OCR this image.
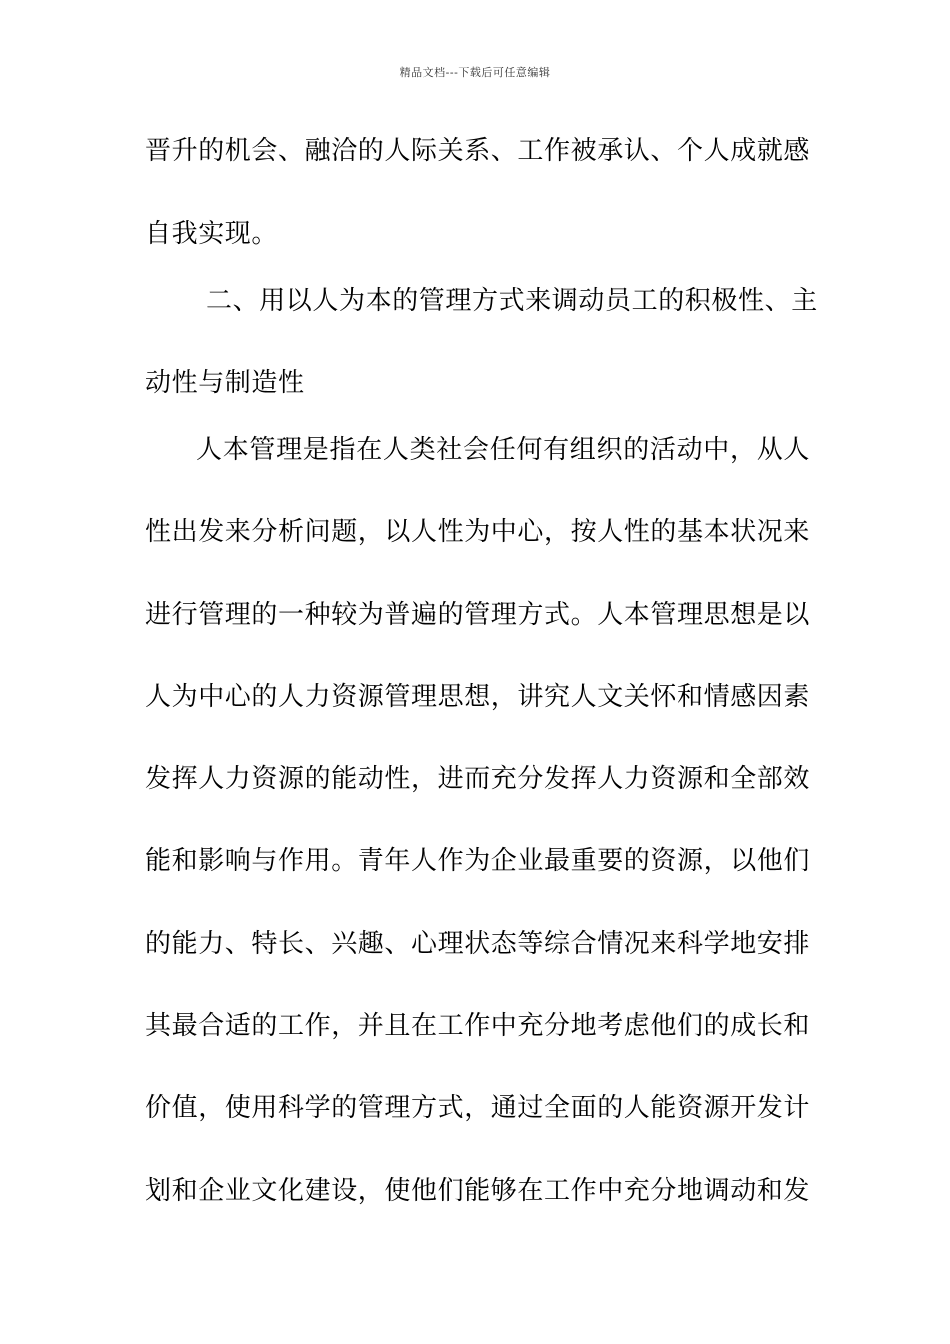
精品文档---下载后可任意编辑
晋升的机会、融洽的人际关系、工作被承认、个人成就感
自我实现。
二、用以人为本的管理方式来调动员工的积极性、主
动性与制造性
人本管理是指在人类社会任何有组织的活动中，从人
性出发来分析问题，以人性为中心，按人性的基本状况来
进行管理的一种较为普遍的管理方式。人本管理思想是以
人为中心的人力资源管理思想，讲究人文关怀和情感因素
发挥人力资源的能动性，进而充分发挥人力资源和全部效
能和影响与作用。青年人作为企业最重要的资源，以他们
的能力、特长、兴趣、心理状态等综合情况来科学地安排
其最合适的工作，并且在工作中充分地考虑他们的成长和
价值，使用科学的管理方式，通过全面的人能资源开发计
划和企业文化建设，使他们能够在工作中充分地调动和发
